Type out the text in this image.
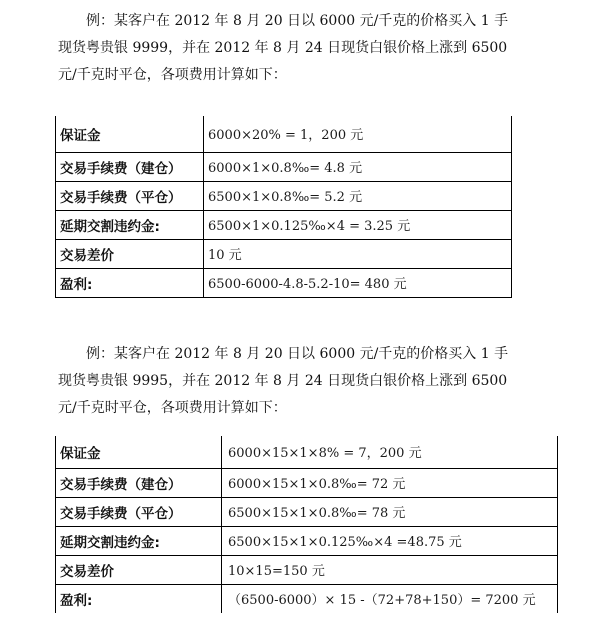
例：某客户在 2012 年 8 月 20 日以 6000 元/千克的价格买入 1 手
现货粤贵银 9999，并在 2012 年 8 月 24 日现货白银价格上涨到 6500
元/千克时平仓，各项费用计算如下：
保证金	6000×20% = 1，200 元
交易手续费（建仓）	6000×1×0.8‰= 4.8 元
交易手续费（平仓）	6500×1×0.8‰= 5.2 元
延期交割违约金:	6500×1×0.125‰×4 = 3.25 元
交易差价	10 元
盈利:	6500-6000-4.8-5.2-10= 480 元
例：某客户在 2012 年 8 月 20 日以 6000 元/千克的价格买入 1 手
现货粤贵银 9995，并在 2012 年 8 月 24 日现货白银价格上涨到 6500
元/千克时平仓，各项费用计算如下：
保证金	6000×15×1×8% = 7，200 元
交易手续费（建仓）	6000×15×1×0.8‰= 72 元
交易手续费（平仓）	6500×15×1×0.8‰= 78 元
延期交割违约金:	6500×15×1×0.125‰×4 =48.75 元
交易差价	10×15=150 元
盈利:	（6500-6000）× 15 -（72+78+150）= 7200 元
